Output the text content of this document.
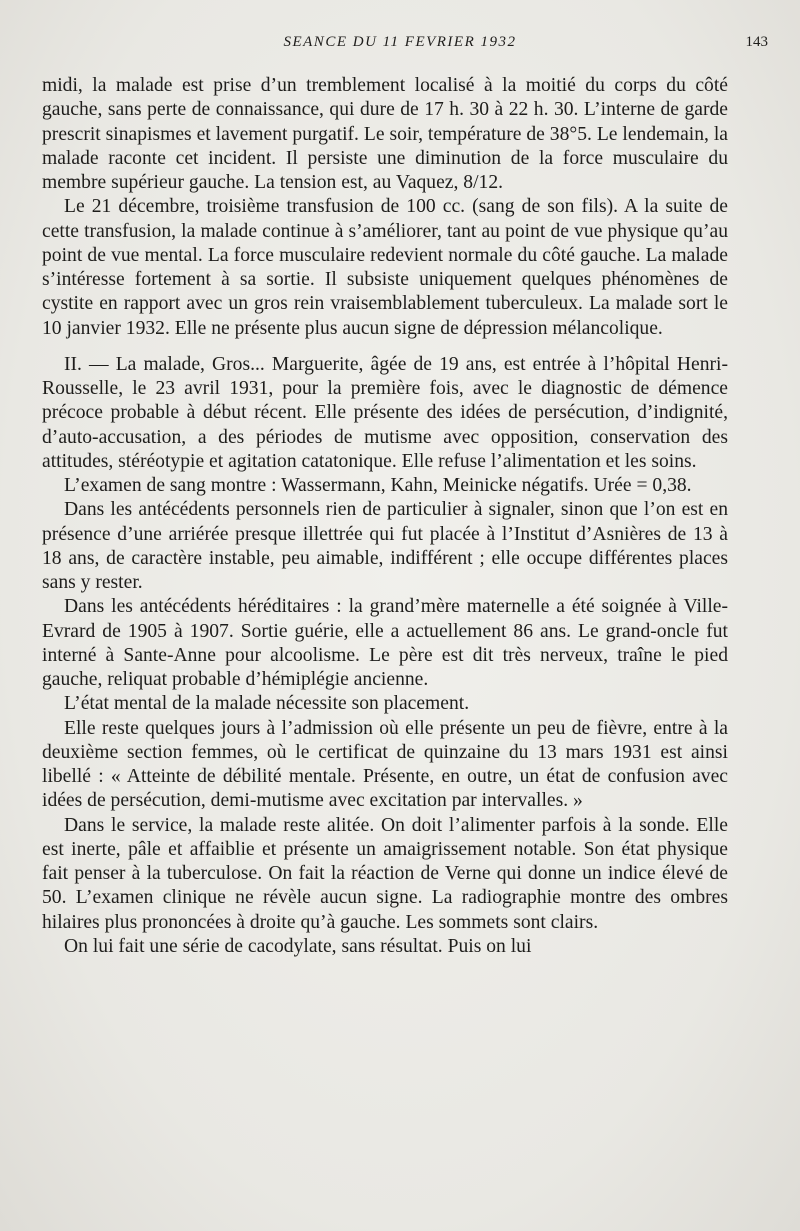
SEANCE DU 11 FEVRIER 1932	143

midi, la malade est prise d’un tremblement localisé à la moitié du corps du côté gauche, sans perte de connaissance, qui dure de 17 h. 30 à 22 h. 30. L’interne de garde prescrit sinapismes et lavement purgatif. Le soir, température de 38°5. Le lendemain, la malade raconte cet incident. Il persiste une diminution de la force musculaire du membre supérieur gauche. La tension est, au Vaquez, 8/12.

Le 21 décembre, troisième transfusion de 100 cc. (sang de son fils). A la suite de cette transfusion, la malade continue à s’améliorer, tant au point de vue physique qu’au point de vue mental. La force musculaire redevient normale du côté gauche. La malade s’intéresse fortement à sa sortie. Il subsiste uniquement quelques phénomènes de cystite en rapport avec un gros rein vraisemblablement tuberculeux. La malade sort le 10 janvier 1932. Elle ne présente plus aucun signe de dépression mélancolique.

II. — La malade, Gros... Marguerite, âgée de 19 ans, est entrée à l’hôpital Henri-Rousselle, le 23 avril 1931, pour la première fois, avec le diagnostic de démence précoce probable à début récent. Elle présente des idées de persécution, d’indignité, d’auto-accusation, a des périodes de mutisme avec opposition, conservation des attitudes, stéréotypie et agitation catatonique. Elle refuse l’alimentation et les soins.

L’examen de sang montre : Wassermann, Kahn, Meinicke négatifs. Urée = 0,38.

Dans les antécédents personnels rien de particulier à signaler, sinon que l’on est en présence d’une arriérée presque illettrée qui fut placée à l’Institut d’Asnières de 13 à 18 ans, de caractère instable, peu aimable, indifférent ; elle occupe différentes places sans y rester.

Dans les antécédents héréditaires : la grand’mère maternelle a été soignée à Ville-Evrard de 1905 à 1907. Sortie guérie, elle a actuellement 86 ans. Le grand-oncle fut interné à Sante-Anne pour alcoolisme. Le père est dit très nerveux, traîne le pied gauche, reliquat probable d’hémiplégie ancienne.

L’état mental de la malade nécessite son placement.

Elle reste quelques jours à l’admission où elle présente un peu de fièvre, entre à la deuxième section femmes, où le certificat de quinzaine du 13 mars 1931 est ainsi libellé : « Atteinte de débilité mentale. Présente, en outre, un état de confusion avec idées de persécution, demi-mutisme avec excitation par intervalles. »

Dans le service, la malade reste alitée. On doit l’alimenter parfois à la sonde. Elle est inerte, pâle et affaiblie et présente un amaigrissement notable. Son état physique fait penser à la tuberculose. On fait la réaction de Verne qui donne un indice élevé de 50. L’examen clinique ne révèle aucun signe. La radiographie montre des ombres hilaires plus prononcées à droite qu’à gauche. Les sommets sont clairs.

On lui fait une série de cacodylate, sans résultat. Puis on lui
